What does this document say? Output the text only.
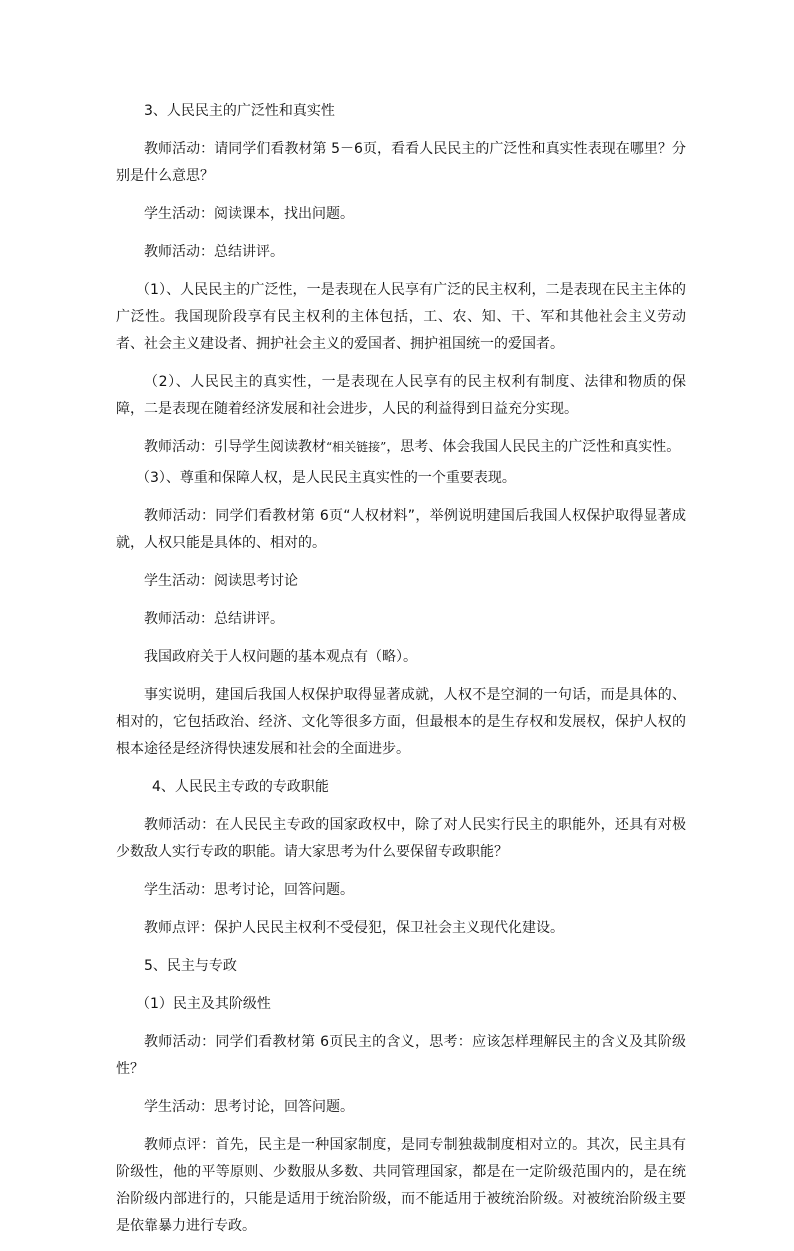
3、人民民主的广泛性和真实性

教师活动：请同学们看教材第 5－6页，看看人民民主的广泛性和真实性表现在哪里？分别是什么意思？

学生活动：阅读课本，找出问题。

教师活动：总结讲评。

（1）、人民民主的广泛性，一是表现在人民享有广泛的民主权利，二是表现在民主主体的广泛性。我国现阶段享有民主权利的主体包括，工、农、知、干、军和其他社会主义劳动者、社会主义建设者、拥护社会主义的爱国者、拥护祖国统一的爱国者。

（2）、人民民主的真实性，一是表现在人民享有的民主权利有制度、法律和物质的保障，二是表现在随着经济发展和社会进步，人民的利益得到日益充分实现。

教师活动：引导学生阅读教材“相关链接”，思考、体会我国人民民主的广泛性和真实性。

（3）、尊重和保障人权，是人民民主真实性的一个重要表现。

教师活动：同学们看教材第 6页“人权材料”，举例说明建国后我国人权保护取得显著成就，人权只能是具体的、相对的。

学生活动：阅读思考讨论

教师活动：总结讲评。

我国政府关于人权问题的基本观点有（略）。

事实说明，建国后我国人权保护取得显著成就，人权不是空洞的一句话，而是具体的、相对的，它包括政治、经济、文化等很多方面，但最根本的是生存权和发展权，保护人权的根本途径是经济得快速发展和社会的全面进步。

4、人民民主专政的专政职能

教师活动：在人民民主专政的国家政权中，除了对人民实行民主的职能外，还具有对极少数敌人实行专政的职能。请大家思考为什么要保留专政职能？

学生活动：思考讨论，回答问题。

教师点评：保护人民民主权利不受侵犯，保卫社会主义现代化建设。

5、民主与专政

（1）民主及其阶级性

教师活动：同学们看教材第 6页民主的含义，思考：应该怎样理解民主的含义及其阶级性？

学生活动：思考讨论，回答问题。

教师点评：首先，民主是一种国家制度，是同专制独裁制度相对立的。其次，民主具有阶级性，他的平等原则、少数服从多数、共同管理国家，都是在一定阶级范围内的，是在统治阶级内部进行的，只能是适用于统治阶级，而不能适用于被统治阶级。对被统治阶级主要是依靠暴力进行专政。
